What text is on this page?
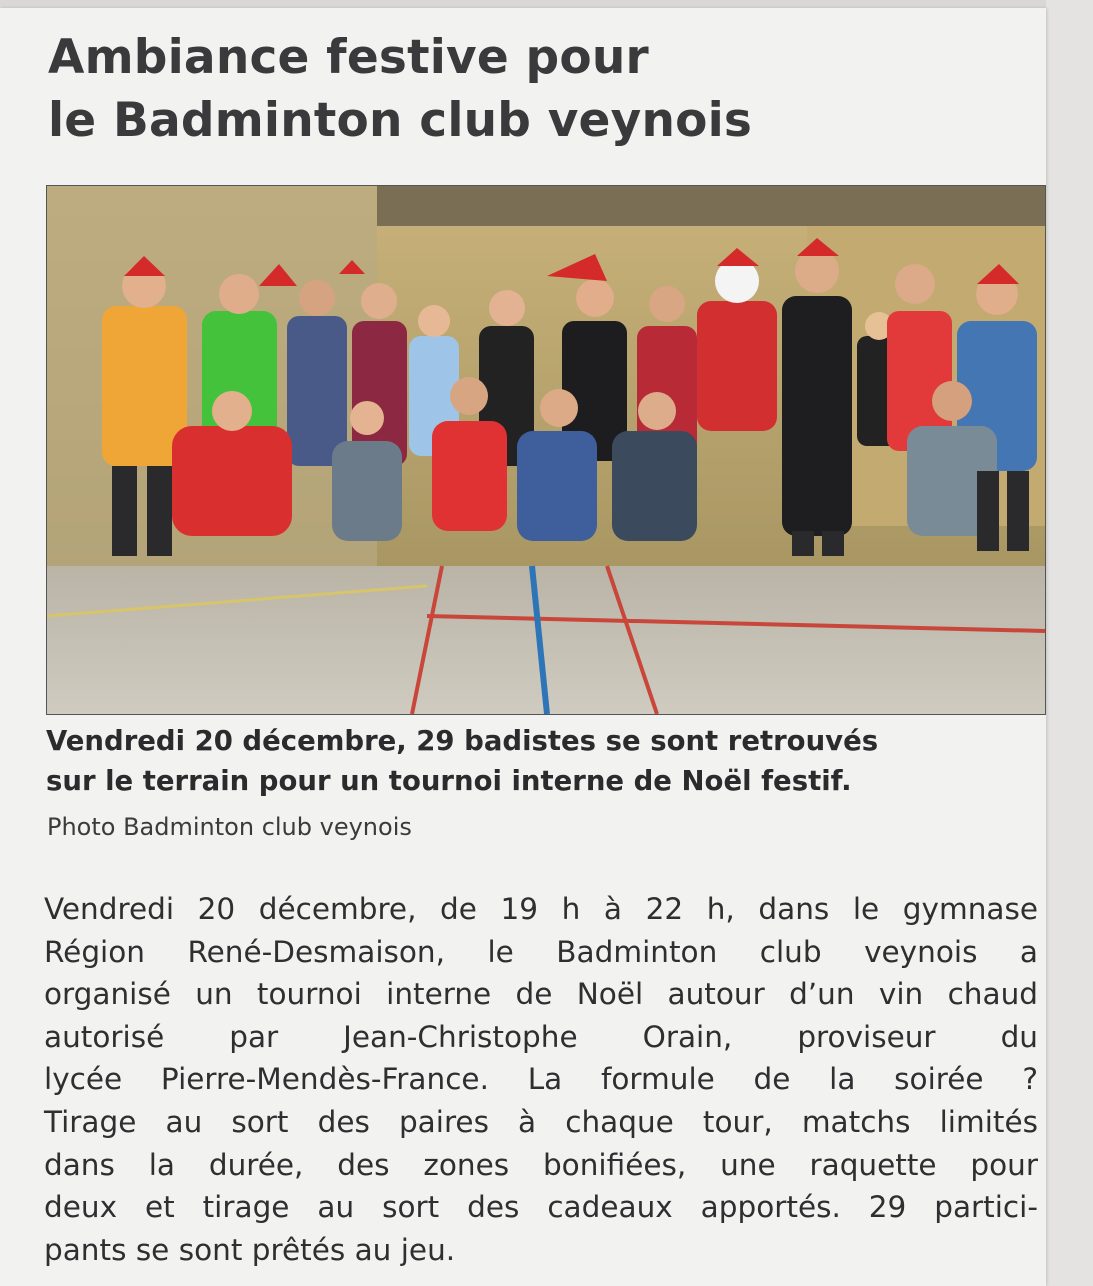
Ambiance festive pour
le Badminton club veynois
Vendredi 20 décembre, 29 badistes se sont retrouvés
sur le terrain pour un tournoi interne de Noël festif.
Photo Badminton club veynois
Vendredi 20 décembre, de 19 h à 22 h, dans le gymnase
Région René-Desmaison, le Badminton club veynois a
organisé un tournoi interne de Noël autour d’un vin chaud
autorisé par Jean-Christophe Orain, proviseur du
lycée Pierre-Mendès-France. La formule de la soirée ?
Tirage au sort des paires à chaque tour, matchs limités
dans la durée, des zones bonifiées, une raquette pour
deux et tirage au sort des cadeaux apportés. 29 partici-
pants se sont prêtés au jeu.
